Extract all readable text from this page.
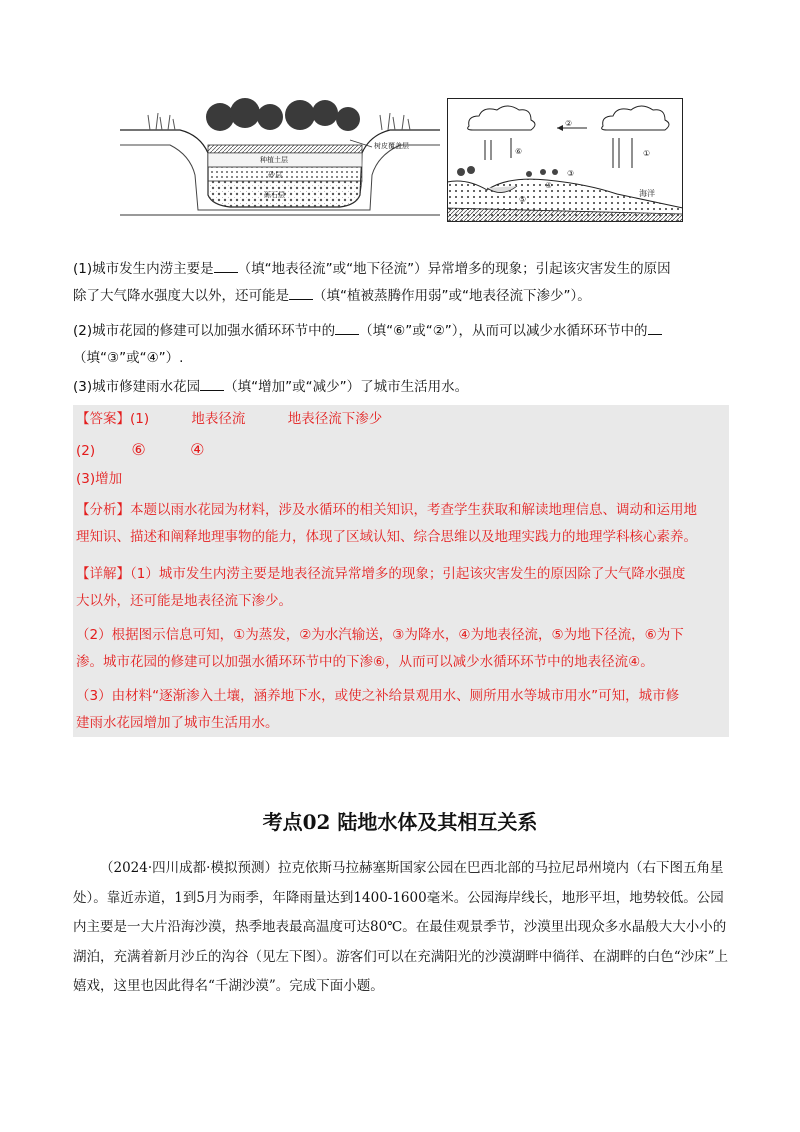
树皮覆盖层
种植土层
砂层
砾石层
②
⑥	①
③
④
⑤
海洋
(1)城市发生内涝主要是 （填“地表径流”或“地下径流”）异常增多的现象；引起该灾害发生的原因
除了大气降水强度大以外，还可能是 （填“植被蒸腾作用弱”或“地表径流下渗少”）。
(2)城市花园的修建可以加强水循环环节中的 （填“⑥”或“②”），从而可以减少水循环环节中的
（填“③”或“④”）.
(3)城市修建雨水花园 （填“增加”或“减少”）了城市生活用水。
【答案】(1)	地表径流	地表径流下渗少
(2) ⑥	④
(3)增加
【分析】本题以雨水花园为材料，涉及水循环的相关知识，考查学生获取和解读地理信息、调动和运用地
理知识、描述和阐释地理事物的能力，体现了区域认知、综合思维以及地理实践力的地理学科核心素养。
【详解】（1）城市发生内涝主要是地表径流异常增多的现象；引起该灾害发生的原因除了大气降水强度
大以外，还可能是地表径流下渗少。
（2）根据图示信息可知，①为蒸发，②为水汽输送，③为降水，④为地表径流，⑤为地下径流，⑥为下
渗。城市花园的修建可以加强水循环环节中的下渗⑥，从而可以减少水循环环节中的地表径流④。
（3）由材料“逐渐渗入土壤，涵养地下水，或使之补给景观用水、厕所用水等城市用水”可知，城市修
建雨水花园增加了城市生活用水。
考点02 陆地水体及其相互关系
（2024·四川成都·模拟预测）拉克依斯马拉赫塞斯国家公园在巴西北部的马拉尼昂州境内（右下图五角星处）。靠近赤道，1到5月为雨季，年降雨量达到1400-1600毫米。公园海岸线长，地形平坦，地势较低。公园内主要是一大片沿海沙漠，热季地表最高温度可达80℃。在最佳观景季节，沙漠里出现众多水晶般大大小小的湖泊，充满着新月沙丘的沟谷（见左下图）。游客们可以在充满阳光的沙漠湖畔中徜徉、在湖畔的白色“沙床”上嬉戏，这里也因此得名“千湖沙漠”。完成下面小题。
